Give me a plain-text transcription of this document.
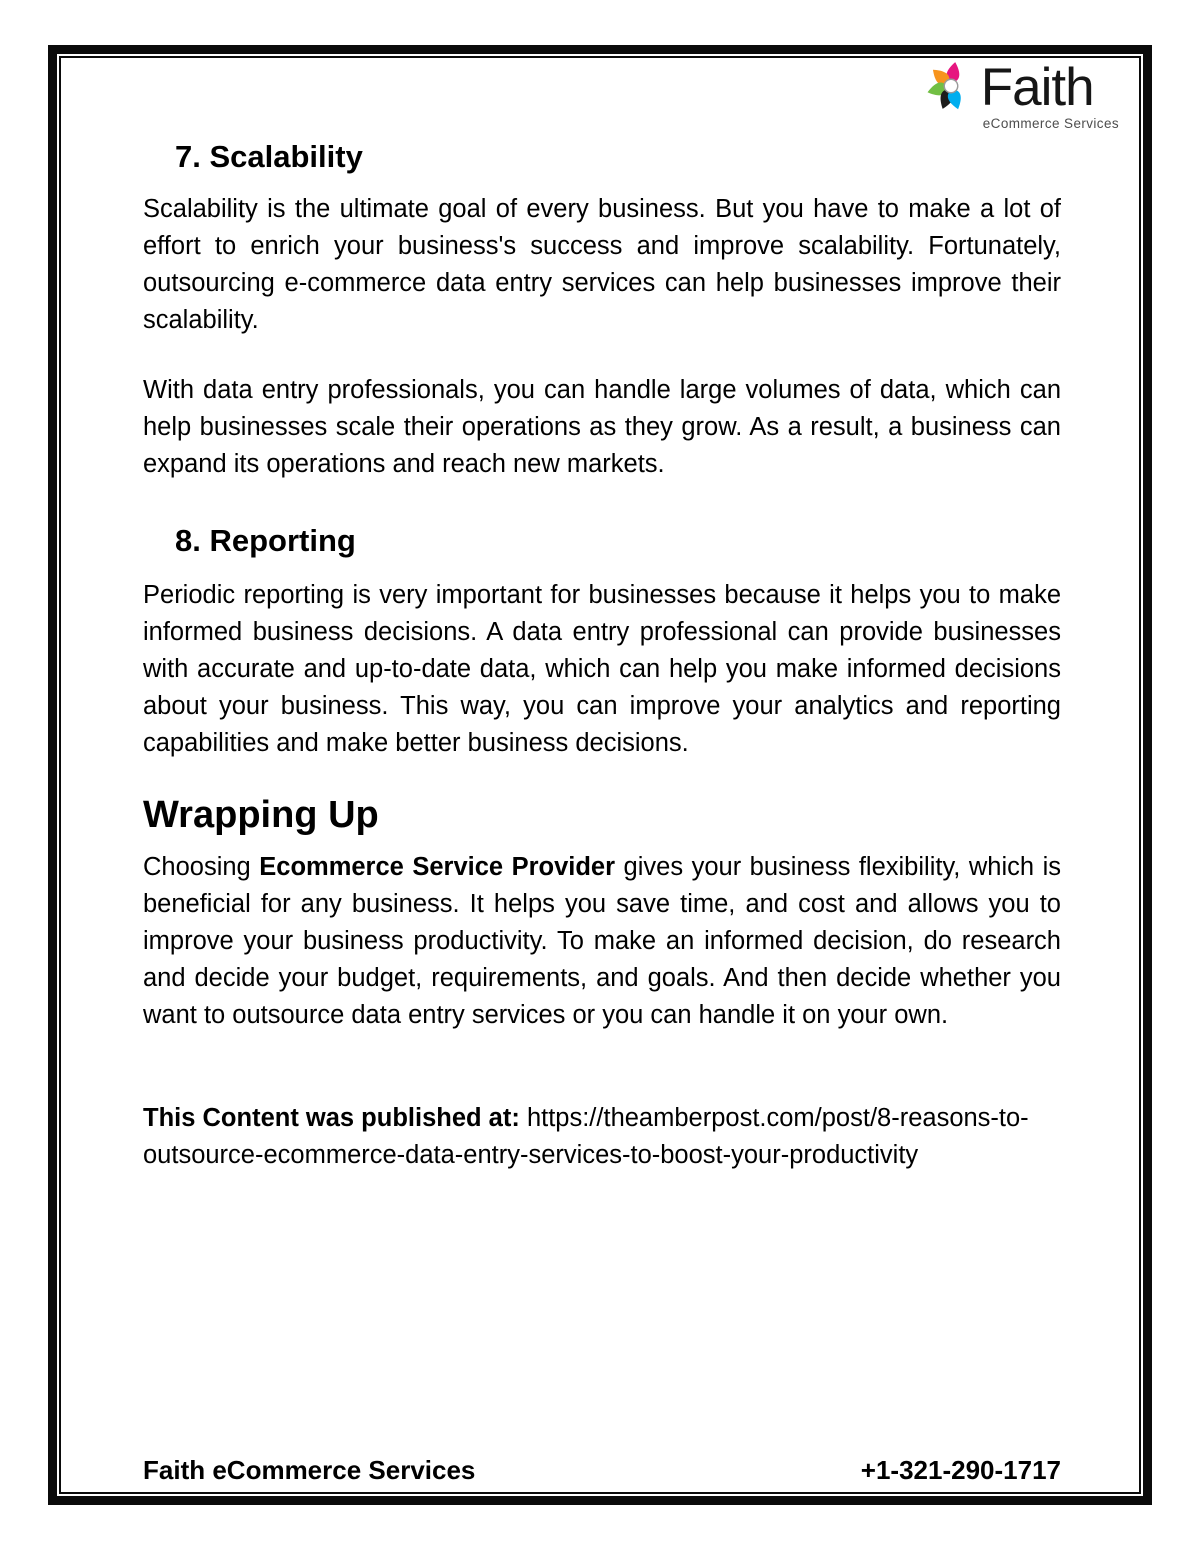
Faith
eCommerce Services
7. Scalability

Scalability is the ultimate goal of every business. But you have to make a lot of effort to enrich your business's success and improve scalability. Fortunately, outsourcing e-commerce data entry services can help businesses improve their scalability.

With data entry professionals, you can handle large volumes of data, which can help businesses scale their operations as they grow. As a result, a business can expand its operations and reach new markets.

8. Reporting

Periodic reporting is very important for businesses because it helps you to make informed business decisions. A data entry professional can provide businesses with accurate and up-to-date data, which can help you make informed decisions about your business. This way, you can improve your analytics and reporting capabilities and make better business decisions.

Wrapping Up

Choosing Ecommerce Service Provider gives your business flexibility, which is beneficial for any business. It helps you save time, and cost and allows you to improve your business productivity. To make an informed decision, do research and decide your budget, requirements, and goals. And then decide whether you want to outsource data entry services or you can handle it on your own.

This Content was published at: https://theamberpost.com/post/8-reasons-to-outsource-ecommerce-data-entry-services-to-boost-your-productivity

Faith eCommerce Services	+1-321-290-1717
